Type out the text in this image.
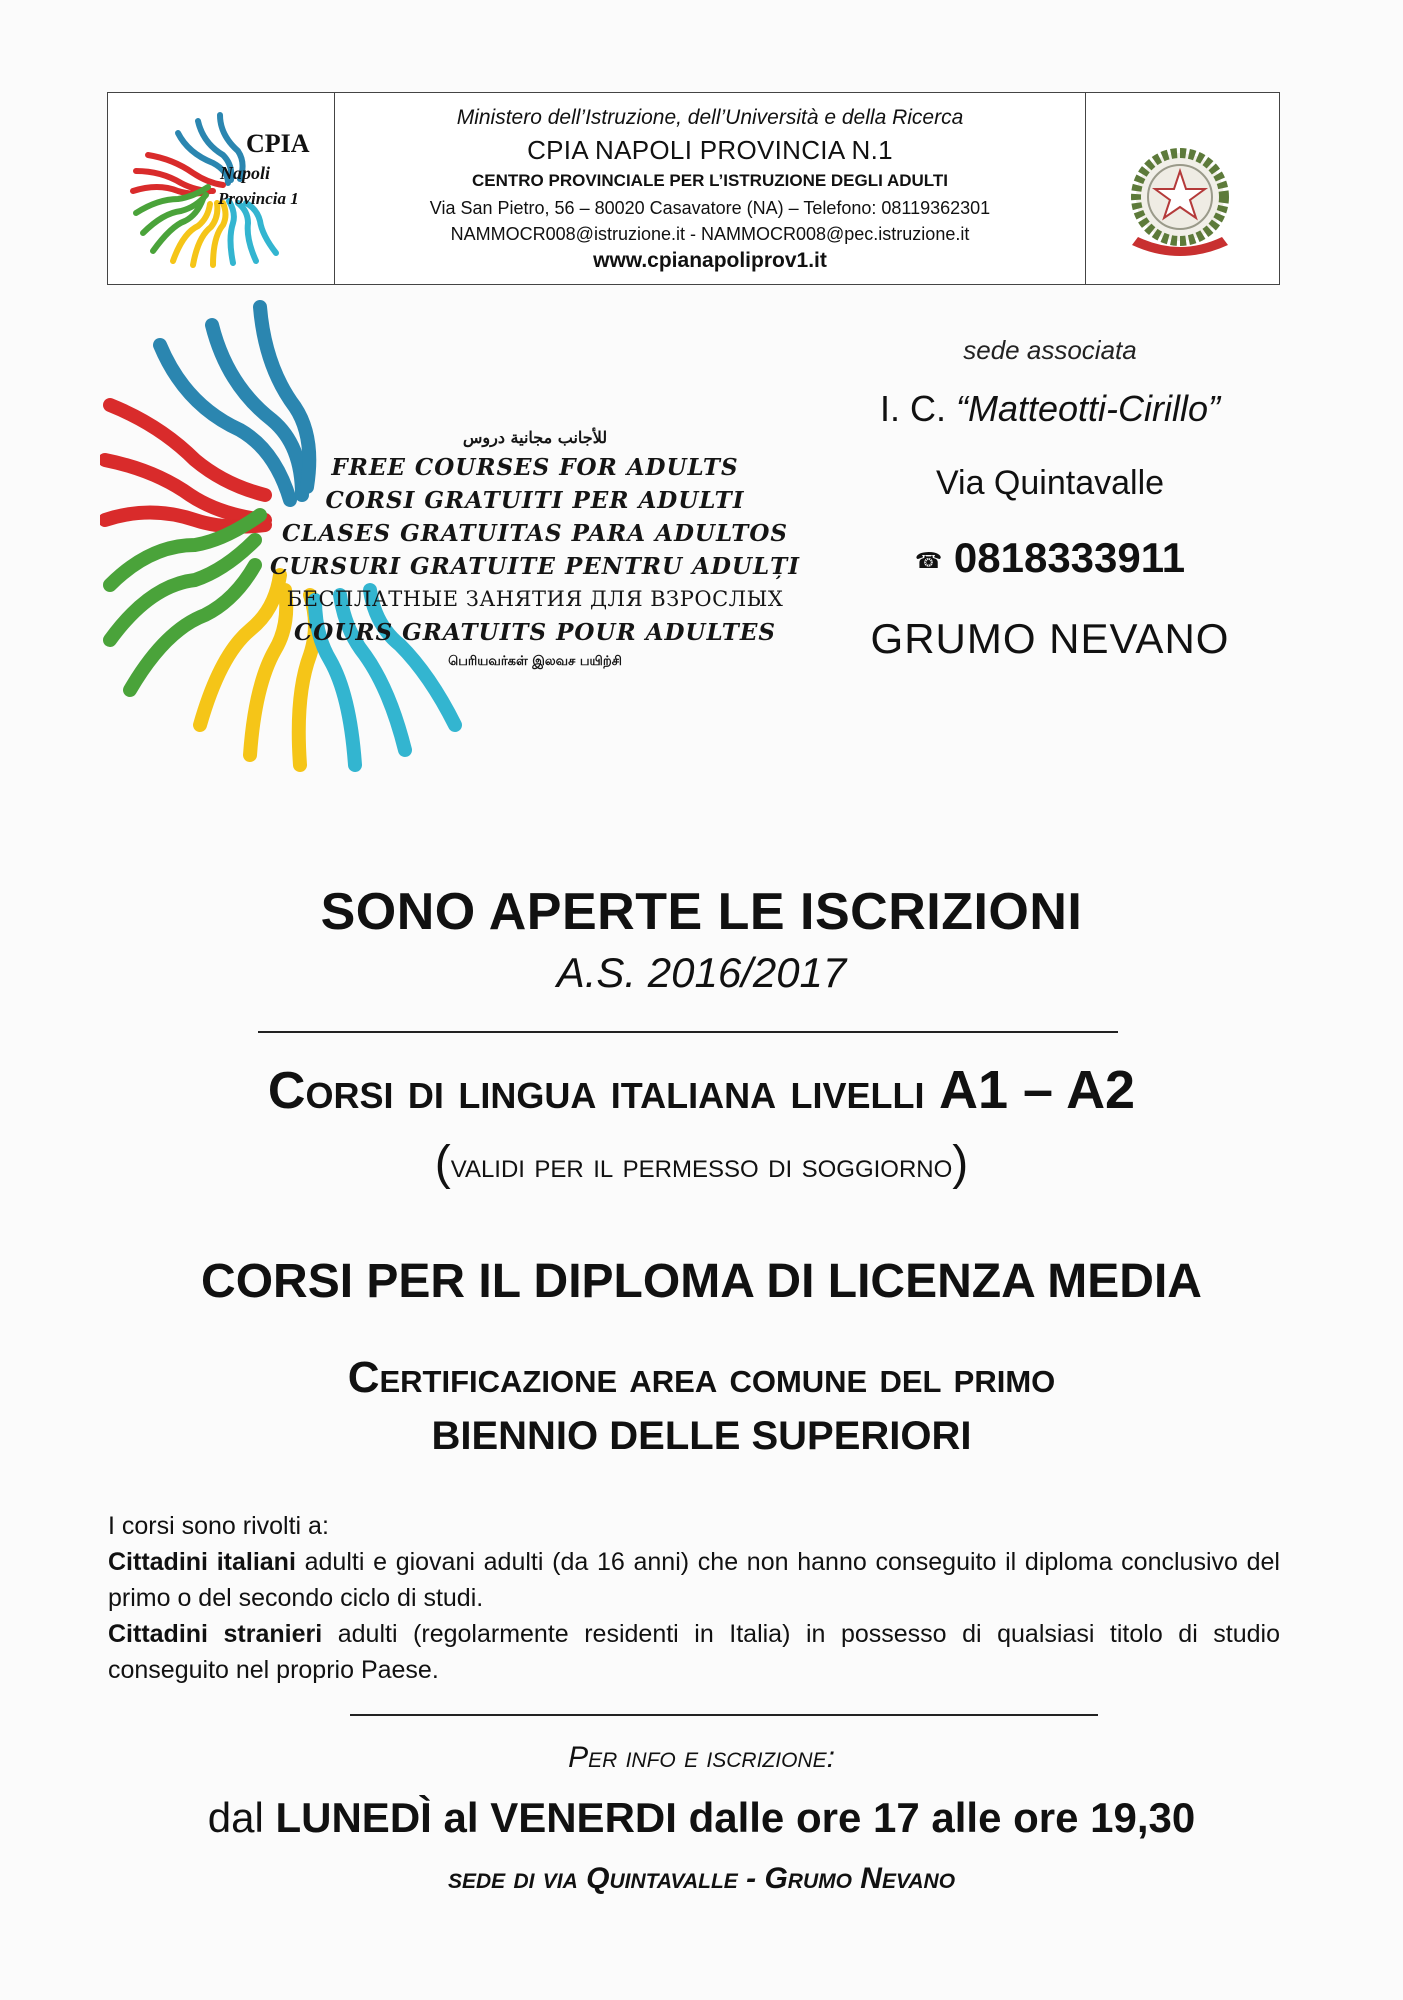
CPIA
Napoli
Provincia 1
Ministero dell’Istruzione, dell’Università e della Ricerca
CPIA NAPOLI PROVINCIA N.1
CENTRO PROVINCIALE PER L’ISTRUZIONE DEGLI ADULTI
Via San Pietro, 56 – 80020 Casavatore (NA) – Telefono: 08119362301
NAMMOCR008@istruzione.it - NAMMOCR008@pec.istruzione.it
www.cpianapoliprov1.it
للأجانب مجانية دروس
FREE COURSES FOR ADULTS
CORSI GRATUITI PER ADULTI
CLASES GRATUITAS PARA ADULTOS
CURSURI GRATUITE PENTRU ADULȚI
БЕСПЛАТНЫЕ ЗАНЯТИЯ ДЛЯ ВЗРОСЛЫХ
COURS GRATUITS POUR ADULTES
பெரியவர்கள் இலவச பயிற்சி
sede associata
I. C. “Matteotti-Cirillo”
Via Quintavalle
☎ 0818333911
GRUMO NEVANO
SONO APERTE LE ISCRIZIONI
A.S. 2016/2017
Corsi di lingua italiana livelli A1 – A2
(validi per il permesso di soggiorno)
CORSI PER IL DIPLOMA DI LICENZA MEDIA
Certificazione area comune del primo
BIENNIO DELLE SUPERIORI

I corsi sono rivolti a:

Cittadini italiani adulti e giovani adulti (da 16 anni) che non hanno conseguito il diploma conclusivo del primo o del secondo ciclo di studi.

Cittadini stranieri adulti (regolarmente residenti in Italia) in possesso di qualsiasi titolo di studio conseguito nel proprio Paese.

Per info e iscrizione:
dal LUNEDÌ al VENERDI dalle ore 17 alle ore 19,30
sede di via Quintavalle - Grumo Nevano
